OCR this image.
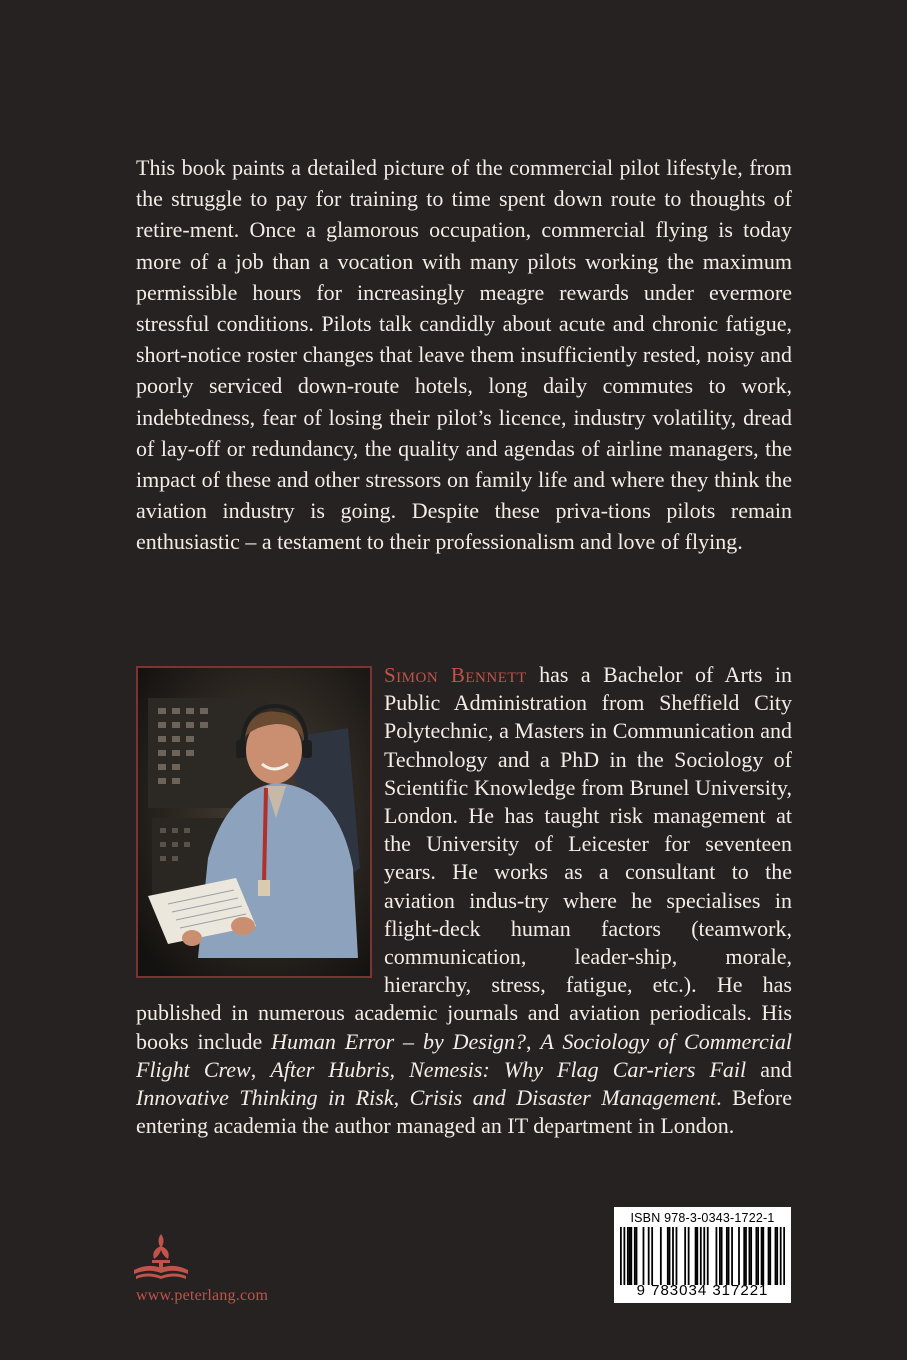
This book paints a detailed picture of the commercial pilot lifestyle, from the struggle to pay for training to time spent down route to thoughts of retire-ment. Once a glamorous occupation, commercial flying is today more of a job than a vocation with many pilots working the maximum permissible hours for increasingly meagre rewards under evermore stressful conditions. Pilots talk candidly about acute and chronic fatigue, short-notice roster changes that leave them insufficiently rested, noisy and poorly serviced down-route hotels, long daily commutes to work, indebtedness, fear of losing their pilot’s licence, industry volatility, dread of lay-off or redundancy, the quality and agendas of airline managers, the impact of these and other stressors on family life and where they think the aviation industry is going. Despite these priva-tions pilots remain enthusiastic – a testament to their professionalism and love of flying.

Simon Bennett has a Bachelor of Arts in Public Administration from Sheffield City Polytechnic, a Masters in Communication and Technology and a PhD in the Sociology of Scientific Knowledge from Brunel University, London. He has taught risk management at the University of Leicester for seventeen years. He works as a consultant to the aviation indus-try where he specialises in flight-deck human factors (teamwork, communication, leader-ship, morale, hierarchy, stress, fatigue, etc.). He has published in numerous academic journals and aviation periodicals. His books include Human Error – by Design?, A Sociology of Commercial Flight Crew, After Hubris, Nemesis: Why Flag Car-riers Fail and Innovative Thinking in Risk, Crisis and Disaster Management. Before entering academia the author managed an IT department in London.
www.peterlang.com
ISBN 978-3-0343-1722-1
9 783034 317221
